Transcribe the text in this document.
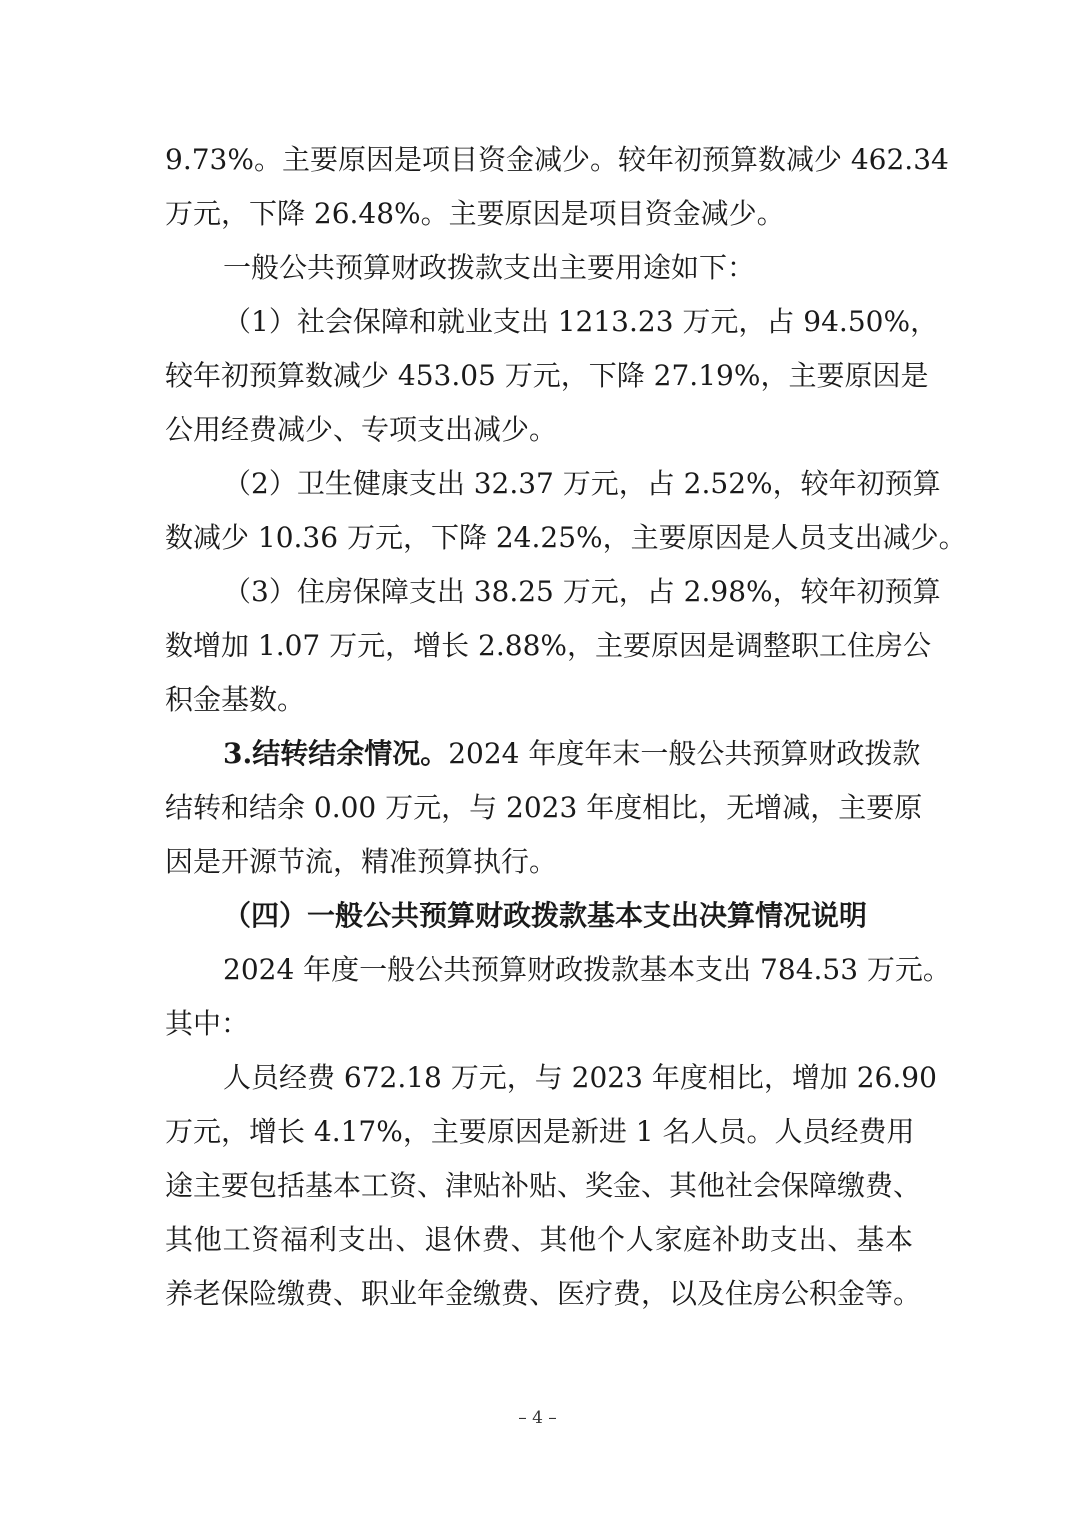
9.73%。主要原因是项目资金减少。较年初预算数减少 462.34
万元，下降 26.48%。主要原因是项目资金减少。
一般公共预算财政拨款支出主要用途如下：
（1）社会保障和就业支出 1213.23 万元，占 94.50%，
较年初预算数减少 453.05 万元，下降 27.19%，主要原因是
公用经费减少、专项支出减少。
（2）卫生健康支出 32.37 万元，占 2.52%，较年初预算
数减少 10.36 万元，下降 24.25%，主要原因是人员支出减少。
（3）住房保障支出 38.25 万元，占 2.98%，较年初预算
数增加 1.07 万元，增长 2.88%，主要原因是调整职工住房公
积金基数。
3.结转结余情况。2024 年度年末一般公共预算财政拨款
结转和结余 0.00 万元，与 2023 年度相比，无增减，主要原
因是开源节流，精准预算执行。
（四）一般公共预算财政拨款基本支出决算情况说明
2024 年度一般公共预算财政拨款基本支出 784.53 万元。
其中：
人员经费 672.18 万元，与 2023 年度相比，增加 26.90
万元，增长 4.17%，主要原因是新进 1 名人员。人员经费用
途主要包括基本工资、津贴补贴、奖金、其他社会保障缴费、
其他工资福利支出、退休费、其他个人家庭补助支出、基本
养老保险缴费、职业年金缴费、医疗费，以及住房公积金等。
– 4 –
